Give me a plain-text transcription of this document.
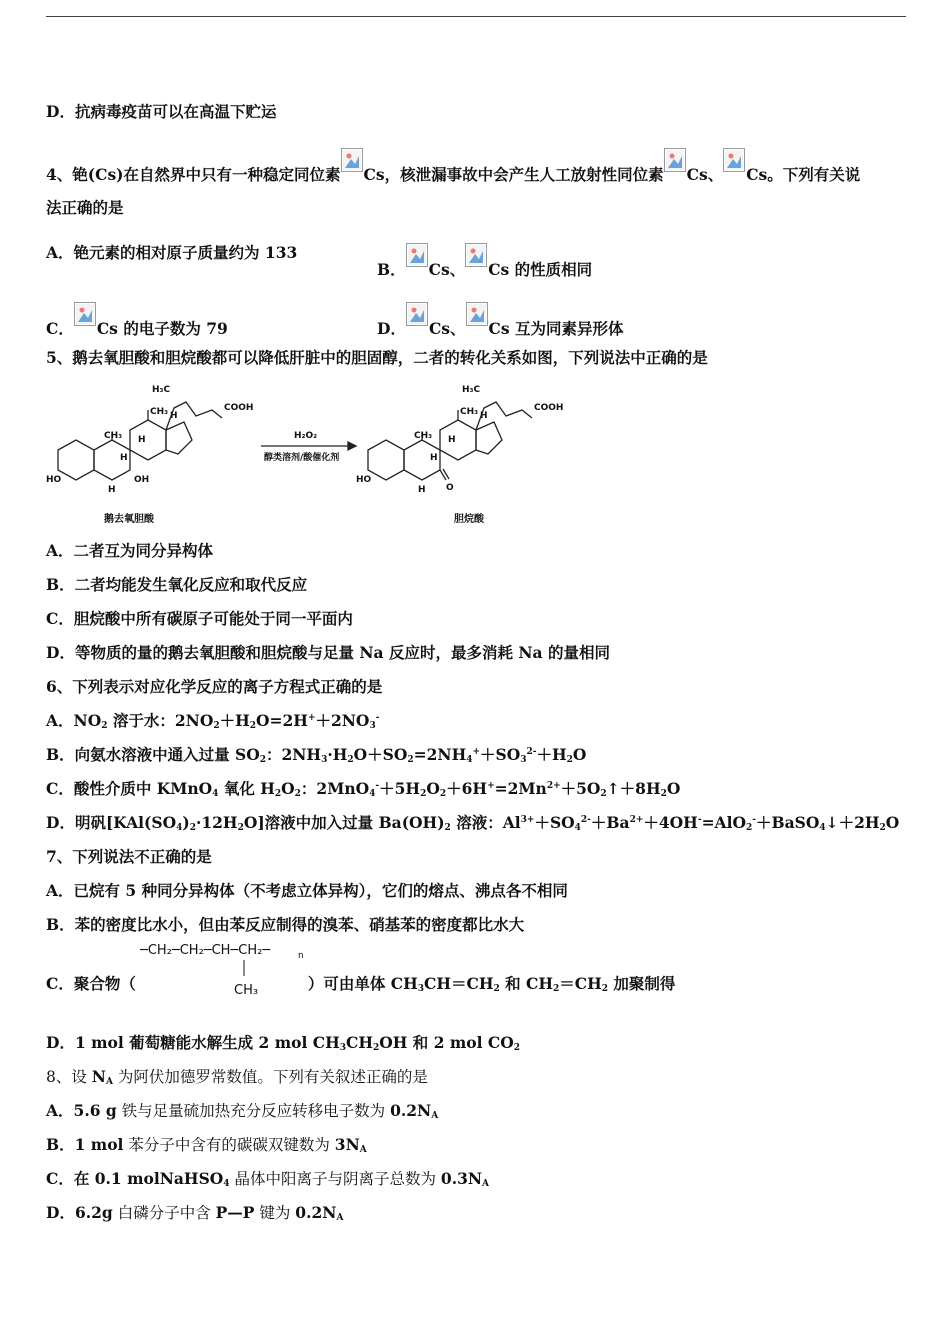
D．抗病毒疫苗可以在高温下贮运
4、铯(Cs)在自然界中只有一种稳定同位素 Cs，核泄漏事故中会产生人工放射性同位素 Cs、 Cs。下列有关说
法正确的是
A．铯元素的相对原子质量约为 133
B． Cs、 Cs 的性质相同
C． Cs 的电子数为 79	D． Cs、 Cs 互为同素异形体
5、鹅去氧胆酸和胆烷酸都可以降低肝脏中的胆固醇，二者的转化关系如图，下列说法中正确的是
H₃C
COOH
CH₃
CH₃ H
H
H
H
HO	OH
H₃C
COOH
CH₃
CH₃ H
H
H
H
HO
O
H₂O₂
醇类溶剂/酸催化剂
鹅去氧胆酸	胆烷酸
A．二者互为同分异构体
B．二者均能发生氧化反应和取代反应
C．胆烷酸中所有碳原子可能处于同一平面内
D．等物质的量的鹅去氧胆酸和胆烷酸与足量 Na 反应时，最多消耗 Na 的量相同
6、下列表示对应化学反应的离子方程式正确的是
A．$NO_2$ 溶于水：$2NO_2+H_2O=2H^++2NO_3^-$
B．向氨水溶液中通入过量 $SO_2$：$2NH_3\cdot H_2O+SO_2=2NH_4^++SO_3^{2-}+H_2O$
C．酸性介质中 KMnO$_4$ 氧化 $H_2O_2$：$2MnO_4^-+5H_2O_2+6H^+=2Mn^{2+}+5O_2↑+8H_2O$
D．明矾$[KAl(SO_4)_2\cdot 12H_2O]$溶液中加入过量 $Ba(OH)_2$ 溶液：$Al^{3+}+SO_4^{2-}+Ba^{2+}+4OH^-=AlO_2^-+BaSO_4↓+2H_2O$
7、下列说法不正确的是
A．已烷有 5 种同分异构体（不考虑立体异构），它们的熔点、沸点各不相同
B．苯的密度比水小，但由苯反应制得的溴苯、硝基苯的密度都比水大
─CH₂─CH₂─CH─CH₂─
CH₃
n
C．聚合物（	）可由单体 $CH_3CH=CH_2$ 和 $CH_2=CH_2$ 加聚制得
D．1 mol 葡萄糖能水解生成 2 mol $CH_3CH_2OH$ 和 2 mol $CO_2$
8、设 $N_A$ 为阿伏加德罗常数值。下列有关叙述正确的是
A．5.6 g 铁与足量硫加热充分反应转移电子数为 $0.2N_A$
B．1 mol 苯分子中含有的碳碳双键数为 $3N_A$
C．在 0.1 molNaHSO$_4$ 晶体中阳离子与阴离子总数为 $0.3N_A$
D．6.2g 白磷分子中含 P—P 键为 $0.2N_A$
